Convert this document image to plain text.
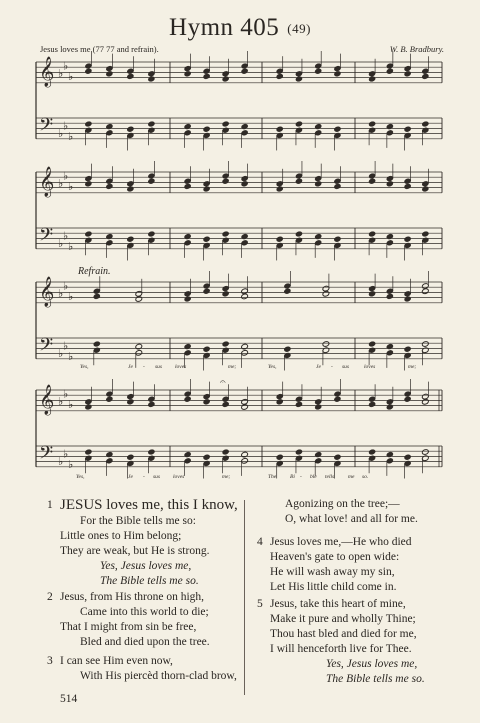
Hymn 405 (49)
Jesus loves me (77 77 and refrain).	W. B. Bradbury.
𝄞
𝄢
♭
♭
♭
♭
♭
♭
𝄞
𝄢
♭
♭
♭
♭
♭
♭
𝄞
𝄢
♭
♭
♭
♭
♭
♭
𝄞
𝄢
♭
♭
♭
♭
♭
♭
𝄐
Yes,	Je - sus loves	me;	Yes,	Je - sus	loves	me;
Yes,	Je - sus loves	me;	The	Bi - ble tells	me so.
Refrain.
1 JESUS loves me, this I know,
For the Bible tells me so:
Little ones to Him belong;
They are weak, but He is strong.
Yes, Jesus loves me,
The Bible tells me so.
2 Jesus, from His throne on high,
Came into this world to die;
That I might from sin be free,
Bled and died upon the tree.
3 I can see Him even now,
With His piercèd thorn-clad brow,
Agonizing on the tree;—
O, what love! and all for me.
4 Jesus loves me,—He who died
Heaven's gate to open wide:
He will wash away my sin,
Let His little child come in.
5 Jesus, take this heart of mine,
Make it pure and wholly Thine;
Thou hast bled and died for me,
I will henceforth live for Thee.
Yes, Jesus loves me,
The Bible tells me so.
514
